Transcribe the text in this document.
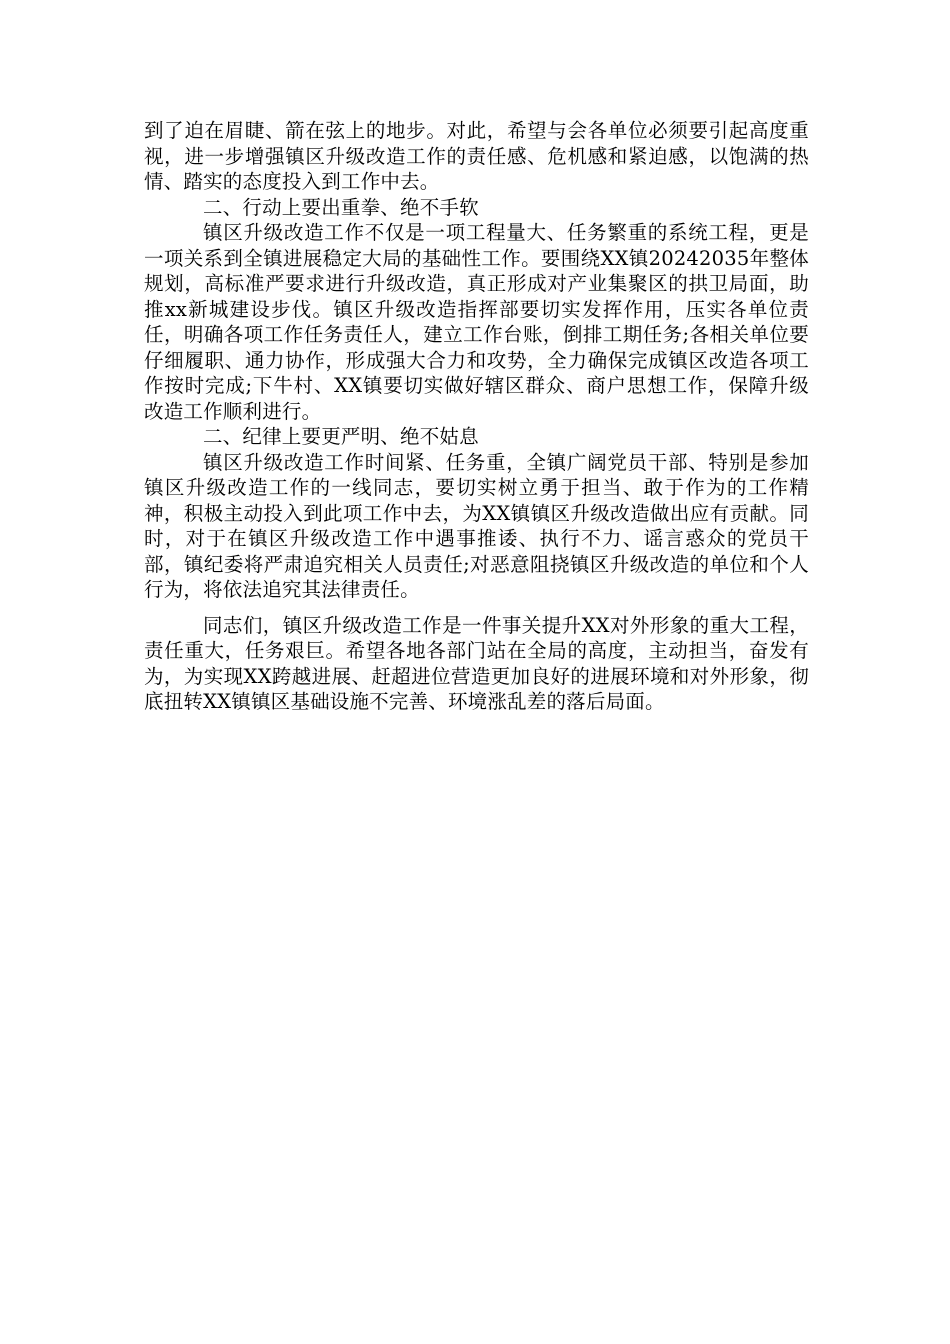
到了迫在眉睫、箭在弦上的地步。对此，希望与会各单位必须要引起高度重视，进一步增强镇区升级改造工作的责任感、危机感和紧迫感，以饱满的热情、踏实的态度投入到工作中去。

二、行动上要出重拳、绝不手软

镇区升级改造工作不仅是一项工程量大、任务繁重的系统工程，更是一项关系到全镇进展稳定大局的基础性工作。要围绕XX镇20242035年整体规划，高标准严要求进行升级改造，真正形成对产业集聚区的拱卫局面，助推xx新城建设步伐。镇区升级改造指挥部要切实发挥作用，压实各单位责任，明确各项工作任务责任人，建立工作台账，倒排工期任务;各相关单位要仔细履职、通力协作，形成强大合力和攻势，全力确保完成镇区改造各项工作按时完成;下牛村、XX镇要切实做好辖区群众、商户思想工作，保障升级改造工作顺利进行。

二、纪律上要更严明、绝不姑息

镇区升级改造工作时间紧、任务重，全镇广阔党员干部、特别是参加镇区升级改造工作的一线同志，要切实树立勇于担当、敢于作为的工作精神，积极主动投入到此项工作中去，为XX镇镇区升级改造做出应有贡献。同时，对于在镇区升级改造工作中遇事推诿、执行不力、谣言惑众的党员干部，镇纪委将严肃追究相关人员责任;对恶意阻挠镇区升级改造的单位和个人行为，将依法追究其法律责任。

同志们，镇区升级改造工作是一件事关提升XX对外形象的重大工程，责任重大，任务艰巨。希望各地各部门站在全局的高度，主动担当，奋发有为，为实现XX跨越进展、赶超进位营造更加良好的进展环境和对外形象，彻底扭转XX镇镇区基础设施不完善、环境涨乱差的落后局面。
